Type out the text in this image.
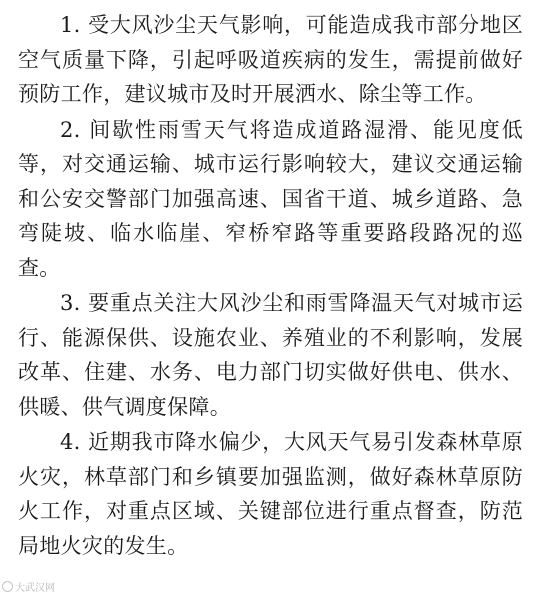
1. 受大风沙尘天气影响，可能造成我市部分地区空气质量下降，引起呼吸道疾病的发生，需提前做好预防工作，建议城市及时开展洒水、除尘等工作。

2. 间歇性雨雪天气将造成道路湿滑、能见度低等，对交通运输、城市运行影响较大，建议交通运输和公安交警部门加强高速、国省干道、城乡道路、急弯陡坡、临水临崖、窄桥窄路等重要路段路况的巡查。

3. 要重点关注大风沙尘和雨雪降温天气对城市运行、能源保供、设施农业、养殖业的不利影响，发展改革、住建、水务、电力部门切实做好供电、供水、供暖、供气调度保障。

4. 近期我市降水偏少，大风天气易引发森林草原火灾，林草部门和乡镇要加强监测，做好森林草原防火工作，对重点区域、关键部位进行重点督查，防范局地火灾的发生。

大武汉网
